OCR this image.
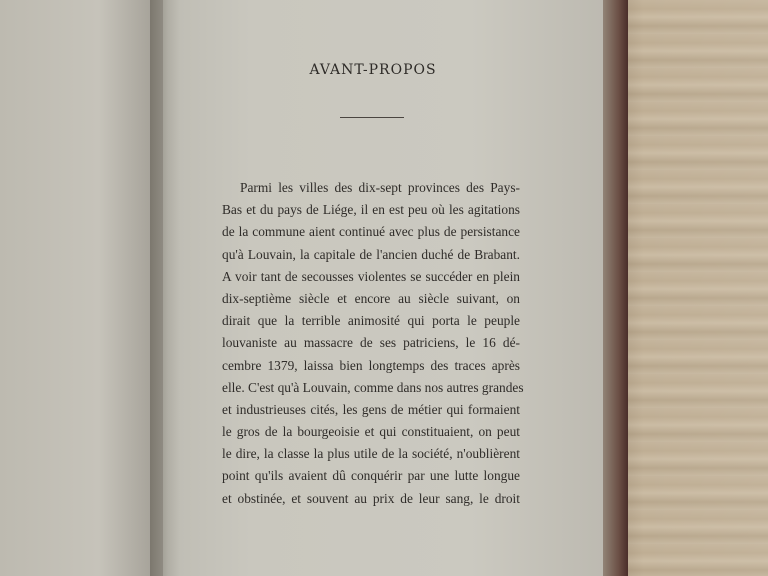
AVANT-PROPOS
Parmi les villes des dix-sept provinces des Pays-
Bas et du pays de Liége, il en est peu où les agitations
de la commune aient continué avec plus de persistance
qu'à Louvain, la capitale de l'ancien duché de Brabant.
A voir tant de secousses violentes se succéder en plein
dix-septième siècle et encore au siècle suivant, on
dirait que la terrible animosité qui porta le peuple
louvaniste au massacre de ses patriciens, le 16 dé-
cembre 1379, laissa bien longtemps des traces après
elle. C'est qu'à Louvain, comme dans nos autres grandes
et industrieuses cités, les gens de métier qui formaient
le gros de la bourgeoisie et qui constituaient, on peut
le dire, la classe la plus utile de la société, n'oublièrent
point qu'ils avaient dû conquérir par une lutte longue
et obstinée, et souvent au prix de leur sang, le droit
